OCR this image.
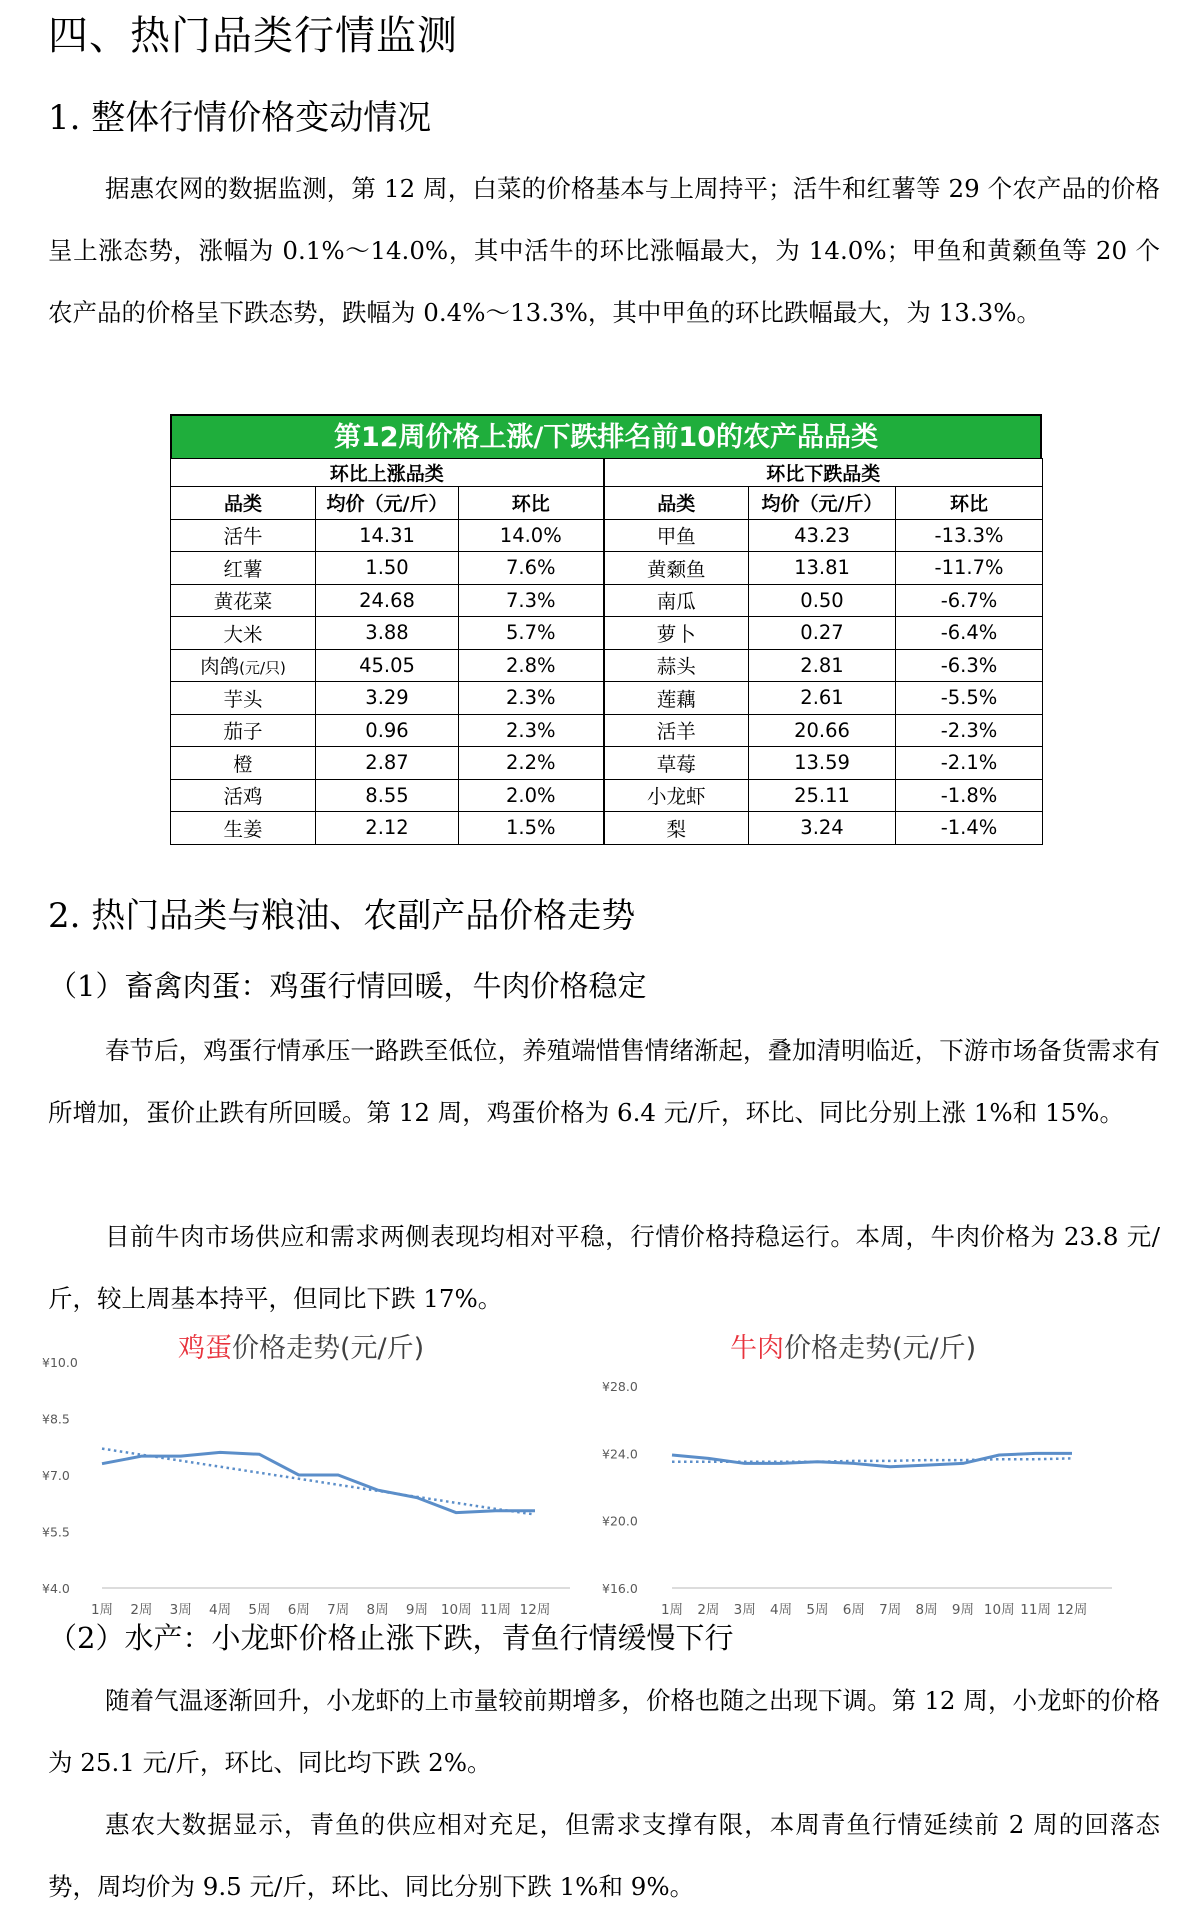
四、热门品类行情监测
1. 整体行情价格变动情况

据惠农网的数据监测，第 12 周，白菜的价格基本与上周持平；活牛和红薯等 29 个农产品的价格呈上涨态势，涨幅为 0.1%～14.0%，其中活牛的环比涨幅最大，为 14.0%；甲鱼和黄颡鱼等 20 个农产品的价格呈下跌态势，跌幅为 0.4%～13.3%，其中甲鱼的环比跌幅最大，为 13.3%。

第12周价格上涨/下跌排名前10的农产品品类
环比上涨品类			环比下跌品类		
品类	均价（元/斤）	环比	品类	均价（元/斤）	环比
活牛	14.31	14.0%	甲鱼	43.23	-13.3%
红薯	1.50	7.6%	黄颡鱼	13.81	-11.7%
黄花菜	24.68	7.3%	南瓜	0.50	-6.7%
大米	3.88	5.7%	萝卜	0.27	-6.4%
肉鸽(元/只)	45.05	2.8%	蒜头	2.81	-6.3%
芋头	3.29	2.3%	莲藕	2.61	-5.5%
茄子	0.96	2.3%	活羊	20.66	-2.3%
橙	2.87	2.2%	草莓	13.59	-2.1%
活鸡	8.55	2.0%	小龙虾	25.11	-1.8%
生姜	2.12	1.5%	梨	3.24	-1.4%
2. 热门品类与粮油、农副产品价格走势
（1）畜禽肉蛋：鸡蛋行情回暖，牛肉价格稳定

春节后，鸡蛋行情承压一路跌至低位，养殖端惜售情绪渐起，叠加清明临近，下游市场备货需求有所增加，蛋价止跌有所回暖。第 12 周，鸡蛋价格为 6.4 元/斤，环比、同比分别上涨 1%和 15%。

目前牛肉市场供应和需求两侧表现均相对平稳，行情价格持稳运行。本周，牛肉价格为 23.8 元/斤，较上周基本持平，但同比下跌 17%。

鸡蛋价格走势(元/斤)
¥10.0
¥8.5
¥7.0
¥5.5
¥4.0
1周 2周 3周 4周 5周 6周 7周 8周 9周 10周 11周 12周
牛肉价格走势(元/斤)
¥28.0
¥24.0
¥20.0
¥16.0
1周 2周 3周 4周 5周 6周 7周 8周 9周 10周 11周 12周
（2）水产：小龙虾价格止涨下跌，青鱼行情缓慢下行

随着气温逐渐回升，小龙虾的上市量较前期增多，价格也随之出现下调。第 12 周，小龙虾的价格为 25.1 元/斤，环比、同比均下跌 2%。

惠农大数据显示，青鱼的供应相对充足，但需求支撑有限，本周青鱼行情延续前 2 周的回落态势，周均价为 9.5 元/斤，环比、同比分别下跌 1%和 9%。
